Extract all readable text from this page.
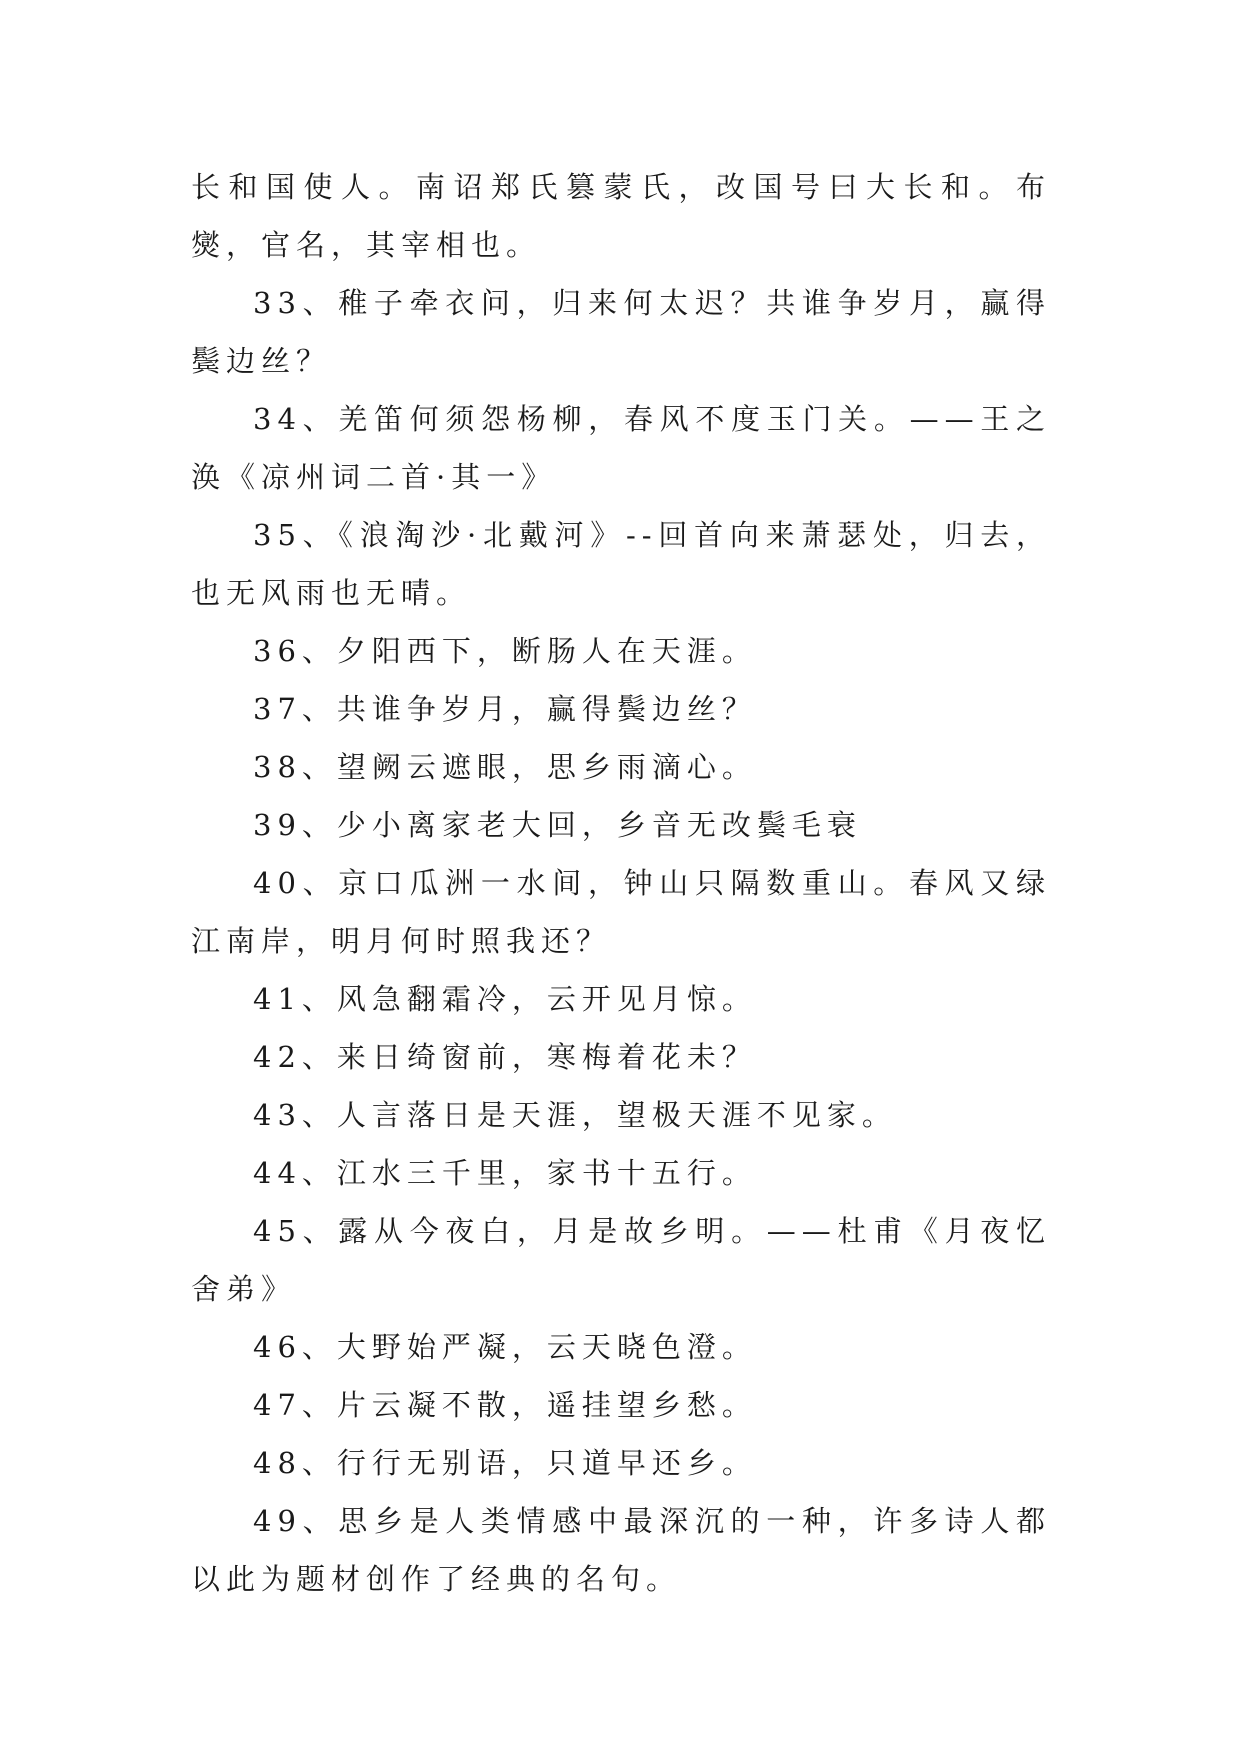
长和国使人。南诏郑氏篡蒙氏，改国号曰大长和。布爕，官名，其宰相也。

33、稚子牵衣问，归来何太迟？共谁争岁月，赢得鬓边丝？

34、羌笛何须怨杨柳，春风不度玉门关。——王之涣《凉州词二首·其一》

35、《浪淘沙·北戴河》--回首向来萧瑟处，归去，也无风雨也无晴。

36、夕阳西下，断肠人在天涯。

37、共谁争岁月，赢得鬓边丝？

38、望阙云遮眼，思乡雨滴心。

39、少小离家老大回，乡音无改鬓毛衰

40、京口瓜洲一水间，钟山只隔数重山。春风又绿江南岸，明月何时照我还？

41、风急翻霜冷，云开见月惊。

42、来日绮窗前，寒梅着花未？

43、人言落日是天涯，望极天涯不见家。

44、江水三千里，家书十五行。

45、露从今夜白，月是故乡明。——杜甫《月夜忆舍弟》

46、大野始严凝，云天晓色澄。

47、片云凝不散，遥挂望乡愁。

48、行行无别语，只道早还乡。

49、思乡是人类情感中最深沉的一种，许多诗人都以此为题材创作了经典的名句。
